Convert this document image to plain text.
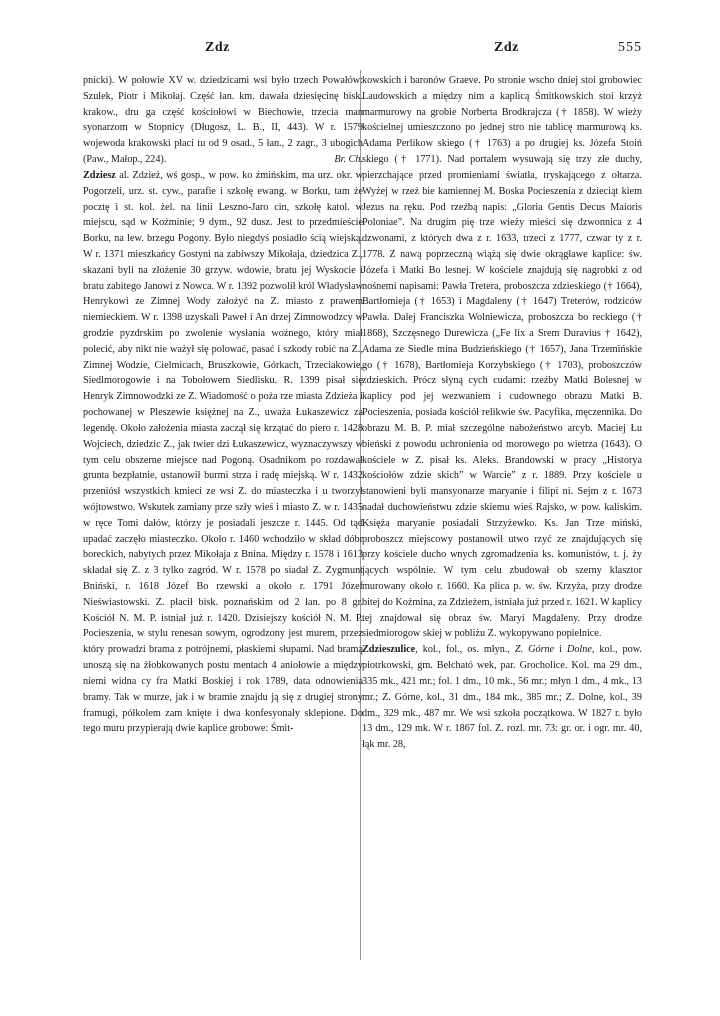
Zdz	Zdz	555

pnicki). W połowie XV w. dziedzicami wsi było trzech Powałów: Szulek, Piotr i Mikołaj. Część łan. km. dawała dziesięcinę bisk. krakow., dru ga część kościołowi w Biechowie, trzecia man syonarzom w Stopnicy (Długosz, L. B., II, 443). W r. 1579 wojewoda krakowski płaci tu od 9 osad., 5 łan., 2 zagr., 3 ubogich (Paw., Małop., 224).	Br. Ch.

Zdziesz al. Zdzież, wś gosp., w pow. ko źmińskim, ma urz. okr. w Pogorzeli, urz. st. cyw., parafie i szkołę ewang. w Borku, tam że pocztę i st. kol. żel. na linii Leszno-Jaro cin, szkołę katol. w miejscu, sąd w Koźminie; 9 dym., 92 dusz. Jest to przedmieście Borku, na lew. brzegu Pogony. Było niegdyś posiadło ścią wiejską. W r. 1371 mieszkańcy Gostyni na zabiwszy Mikołaja, dziedzica Z., skazani byli na złożenie 30 grzyw. wdowie, bratu jej Wyskocie i bratu zabitego Janowi z Nowca. W r. 1392 pozwolił król Władysław Henrykowi ze Zimnej Wody założyć na Z. miasto z prawem niemieckiem. W r. 1398 uzyskali Paweł i An drzej Zimnowodzcy w grodzie pyzdrskim po zwolenie wysłania woźnego, który miał polecić, aby nikt nie ważył się polować, pasać i szkody robić na Z., Zimnej Wodzie, Cielmicach, Bruszkowie, Górkach, Trzeciakowie, Siedlmorogowie i na Tobołowem Siedlisku. R. 1399 pisał się Henryk Zimnowodzki ze Z. Wiadomość o poża rze miasta Zdzieża i pochowanej w Pleszewie księżnej na Z., uważa Łukaszewicz za legendę. Około założenia miasta zaczął się krzątać do piero r. 1428 Wojciech, dziedzic Z., jak twier dzi Łukaszewicz, wyznaczywszy w tym celu obszerne miejsce nad Pogoną. Osadnikom po rozdawał grunta bezpłatnie, ustanowił burmi strza i radę miejską. W r. 1432 przeniósł wszystkich kmieci ze wsi Z. do miasteczka i u tworzył wójtowstwo. Wskutek zamiany prze szły wieś i miasto Z. w r. 1435 w ręce Tomi dałów, którzy je posiadali jeszcze r. 1445. Od tąd upadać zaczęło miasteczko. Około r. 1460 wchodziło w skład dóbr boreckich, nabytych przez Mikołaja z Bnina. Między r. 1578 i 1613 składał się Z. z 3 tylko zagród. W r. 1578 po siadał Z. Zygmunt Bniński, r. 1618 Józef Bo rzewski a około r. 1791 Józef Nieświastowski. Z. płacił bisk. poznańskim od 2 łan. po 8 gr. Kościół N. M. P. istniał już r. 1420. Dzisiejszy kościół N. M. P. Pocieszenia, w stylu renesan sowym, ogrodzony jest murem, przez który prowadzi brama z potrójnemi, płaskiemi słupami. Nad bramą unoszą się na żłobkowanych postu mentach 4 aniołowie a między niemi widna cy fra Matki Boskiej i rok 1789, data odnowienia bramy. Tak w murze, jak i w bramie znajdu ją się z drugiej strony framugi, półkolem zam knięte i dwa konfesyonały sklepione. Do tego muru przypierają dwie kaplice grobowe: Śmit-

kowskich i baronów Graeve. Po stronie wscho dniej stoi grobowiec Laudowskich a między nim a kaplicą Śmitkowskich stoi krzyż marmurowy na grobie Norberta Brodkrajcza († 1858). W wieży kościelnej umieszczono po jednej stro nie tablicę marmurową ks. Adama Perlikow skiego († 1763) a po drugiej ks. Józefa Stoiń skiego († 1771). Nad portalem wysuwają się trzy złe duchy, pierzchające przed promieniami światła, tryskającego z ołtarza. Wyżej w rzeź bie kamiennej M. Boska Pocieszenia z dzieciąt kiem Jezus na ręku. Pod rzeźbą napis: „Gloria Gentis Decus Maioris Poloniae”. Na drugim pię trze wieży mieści się dzwonnica z 4 dzwonami, z których dwa z r. 1633, trzeci z 1777, czwar ty z r. 1778. Z nawą poprzeczną wiążą się dwie okrągławe kaplice: św. Józefa i Matki Bo lesnej. W kościele znajdują się nagrobki z od nośnemi napisami: Pawła Tretera, proboszcza zdzieskiego († 1664), Bartłomieja († 1653) i Magdaleny († 1647) Treterów, rodziców Pawła. Dalej Franciszka Wolniewicza, proboszcza bo reckiego († 1868), Szczęsnego Durewicza („Fe lix a Srem Duravius † 1642), Adama ze Siedle mina Budzieńskiego († 1657), Jana Trzemińskie go († 1678), Bartłomieja Korzybskiego († 1703), proboszczów zdzieskich. Prócz słyną cych cudami: rzeźby Matki Bolesnej w kaplicy pod jej wezwaniem i cudownego obrazu Matki B. Pocieszenia, posiada kościół relikwie św. Pacyfika, męczennika. Do obrazu M. B. P. miał szczególne nabożeństwo arcyb. Maciej Łu bieński z powodu uchronienia od morowego po wietrza (1643). O kościele w Z. pisał ks. Aleks. Brandowski w pracy „Historya kościołów zdzie skich” w Warcie” z r. 1889. Przy kościele u stanowieni byli mansyonarze maryanie i filipi ni. Sejm z r. 1673 nadał duchowieństwu zdzie skiemu wieś Rajsko, w pow. kaliskim. Księża maryanie posiadali Strzyżewko. Ks. Jan Trze miński, proboszcz miejscowy postanowił utwo rzyć ze znajdujących się przy kościele ducho wnych zgromadzenia ks. komunistów, t. j. ży jących wspólnie. W tym celu zbudował ob szerny klasztor murowany około r. 1660. Ka plica p. w. św. Krzyża, przy drodze bitej do Koźmina, za Zdzieżem, istniała już przed r. 1621. W kaplicy tej znajdował się obraz św. Maryi Magdaleny. Przy drodze siedmiorogow skiej w pobliżu Z. wykopywano popielnice.

Zdzieszulice, kol., fol., os. młyn., Z. Górne i Dolne, kol., pow. piotrkowski, gm. Bełcható wek, par. Grocholice. Kol. ma 29 dm., 335 mk., 421 mr.; fol. 1 dm., 10 mk., 56 mr.; młyn 1 dm., 4 mk., 13 mr.; Z. Górne, kol., 31 dm., 184 mk., 385 mr.; Z. Dolne, kol., 39 dm., 329 mk., 487 mr. We wsi szkoła początkowa. W 1827 r. było 13 dm., 129 mk. W r. 1867 fol. Z. rozl. mr. 73: gr. or. i ogr. mr. 40, łąk mr. 28,
